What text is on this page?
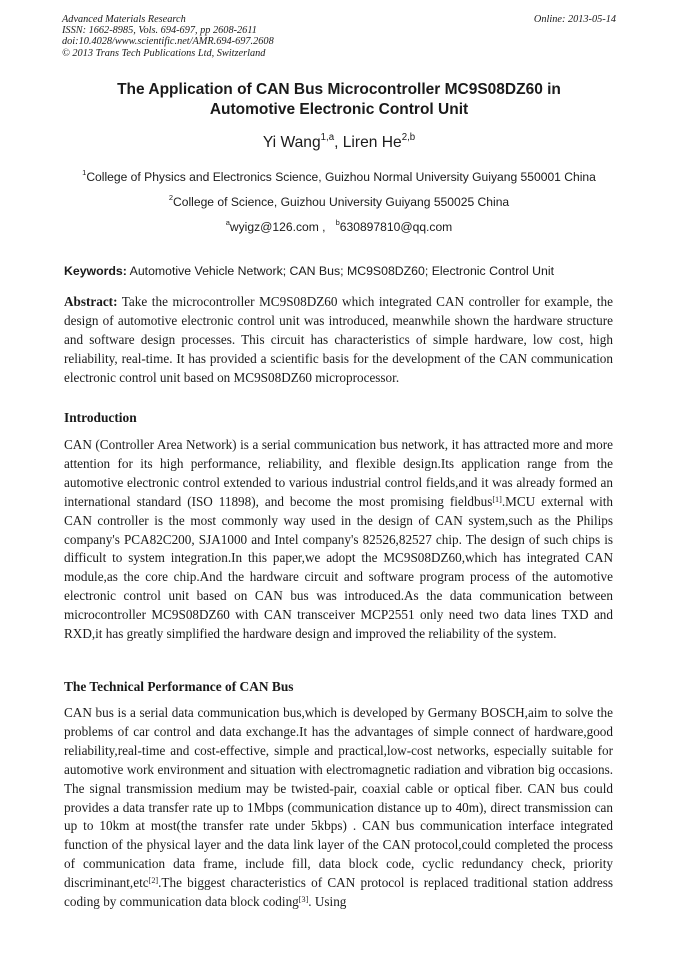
Advanced Materials Research
ISSN: 1662-8985, Vols. 694-697, pp 2608-2611
doi:10.4028/www.scientific.net/AMR.694-697.2608
© 2013 Trans Tech Publications Ltd, Switzerland
Online: 2013-05-14
The Application of CAN Bus Microcontroller MC9S08DZ60 in
Automotive Electronic Control Unit
Yi Wang$^{1,a}$, Liren He$^{2,b}$
$^1$College of Physics and Electronics Science, Guizhou Normal University Guiyang 550001 China
$^2$College of Science, Guizhou University Guiyang 550025 China
$^a$wyigz@126.com ,   $^b$630897810@qq.com
Keywords: Automotive Vehicle Network; CAN Bus; MC9S08DZ60; Electronic Control Unit
Abstract: Take the microcontroller MC9S08DZ60 which integrated CAN controller for example, the design of automotive electronic control unit was introduced, meanwhile shown the hardware structure and software design processes. This circuit has characteristics of simple hardware, low cost, high reliability, real-time. It has provided a scientific basis for the development of the CAN communication electronic control unit based on MC9S08DZ60 microprocessor.
Introduction
CAN (Controller Area Network) is a serial communication bus network, it has attracted more and more attention for its high performance, reliability, and flexible design.Its application range from the automotive electronic control extended to various industrial control fields,and it was already formed an international standard (ISO 11898), and become the most promising fieldbus[1].MCU external with CAN controller is the most commonly way used in the design of CAN system,such as the Philips company's PCA82C200, SJA1000 and Intel company's 82526,82527 chip. The design of such chips is difficult to system integration.In this paper,we adopt the MC9S08DZ60,which has integrated CAN module,as the core chip.And the hardware circuit and software program process of the automotive electronic control unit based on CAN bus was introduced.As the data communication between microcontroller MC9S08DZ60 with CAN transceiver MCP2551 only need two data lines TXD and RXD,it has greatly simplified the hardware design and improved the reliability of the system.
The Technical Performance of CAN Bus
CAN bus is a serial data communication bus,which is developed by Germany BOSCH,aim to solve the problems of car control and data exchange.It has the advantages of simple connect of hardware,good reliability,real-time and cost-effective, simple and practical,low-cost networks, especially suitable for automotive work environment and situation with electromagnetic radiation and vibration big occasions. The signal transmission medium may be twisted-pair, coaxial cable or optical fiber. CAN bus could provides a data transfer rate up to 1Mbps (communication distance up to 40m), direct transmission can up to 10km at most(the transfer rate under 5kbps) . CAN bus communication interface integrated function of the physical layer and the data link layer of the CAN protocol,could completed the process of communication data frame, include fill, data block code, cyclic redundancy check, priority discriminant,etc[2].The biggest characteristics of CAN protocol is replaced traditional station address coding by communication data block coding[3]. Using
